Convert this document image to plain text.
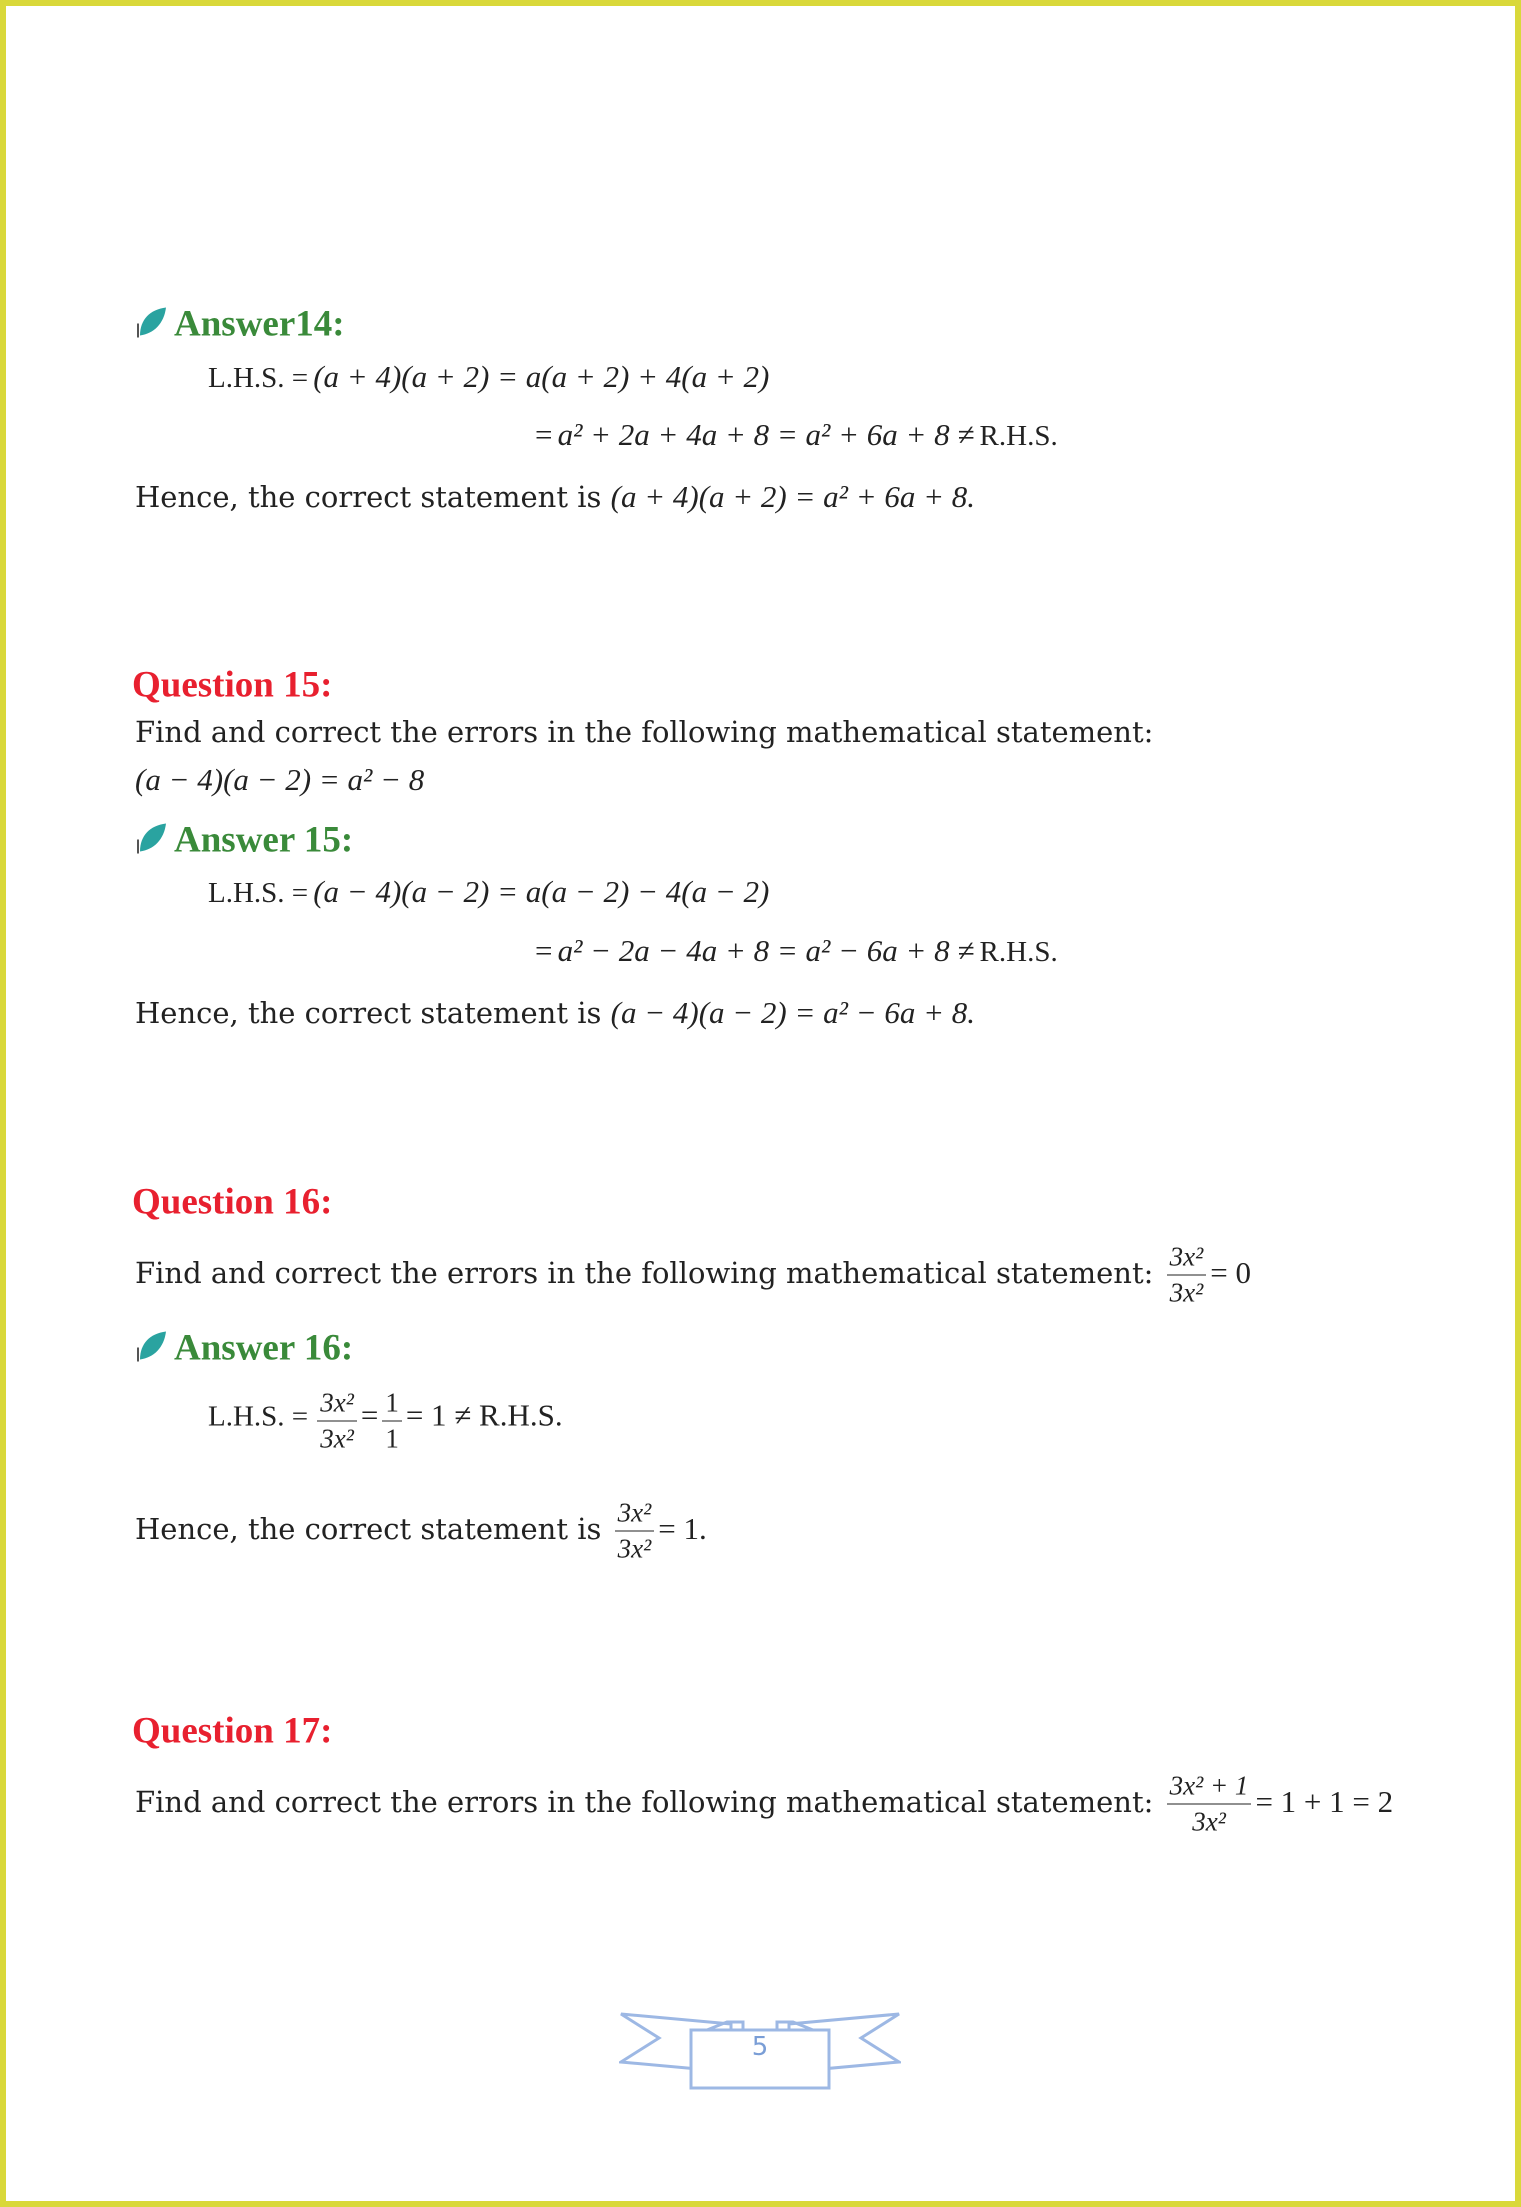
Answer14:
L.H.S. = (a + 4)(a + 2) = a(a + 2) + 4(a + 2)
= a² + 2a + 4a + 8 = a² + 6a + 8 ≠ R.H.S.
Hence, the correct statement is (a + 4)(a + 2) = a² + 6a + 8.
Question 15:
Find and correct the errors in the following mathematical statement:
(a − 4)(a − 2) = a² − 8
Answer 15:
L.H.S. = (a − 4)(a − 2) = a(a − 2) − 4(a − 2)
= a² − 2a − 4a + 8 = a² − 6a + 8 ≠ R.H.S.
Hence, the correct statement is (a − 4)(a − 2) = a² − 6a + 8.
Question 16:
Find and correct the errors in the following mathematical statement: $\frac{\text{3x²}}{\text{3x²}} = 0$
Answer 16:
L.H.S. = $\frac{\text{3x²}}{\text{3x²}} = \frac{1}{1} = 1 \ne R.H.S$.
Hence, the correct statement is $\frac{\text{3x²}}{\text{3x²}} = 1$.
Question 17:
Find and correct the errors in the following mathematical statement: $\frac{\text{3x² + 1}}{\text{3x²}} = 1 + 1 = 2$
5
